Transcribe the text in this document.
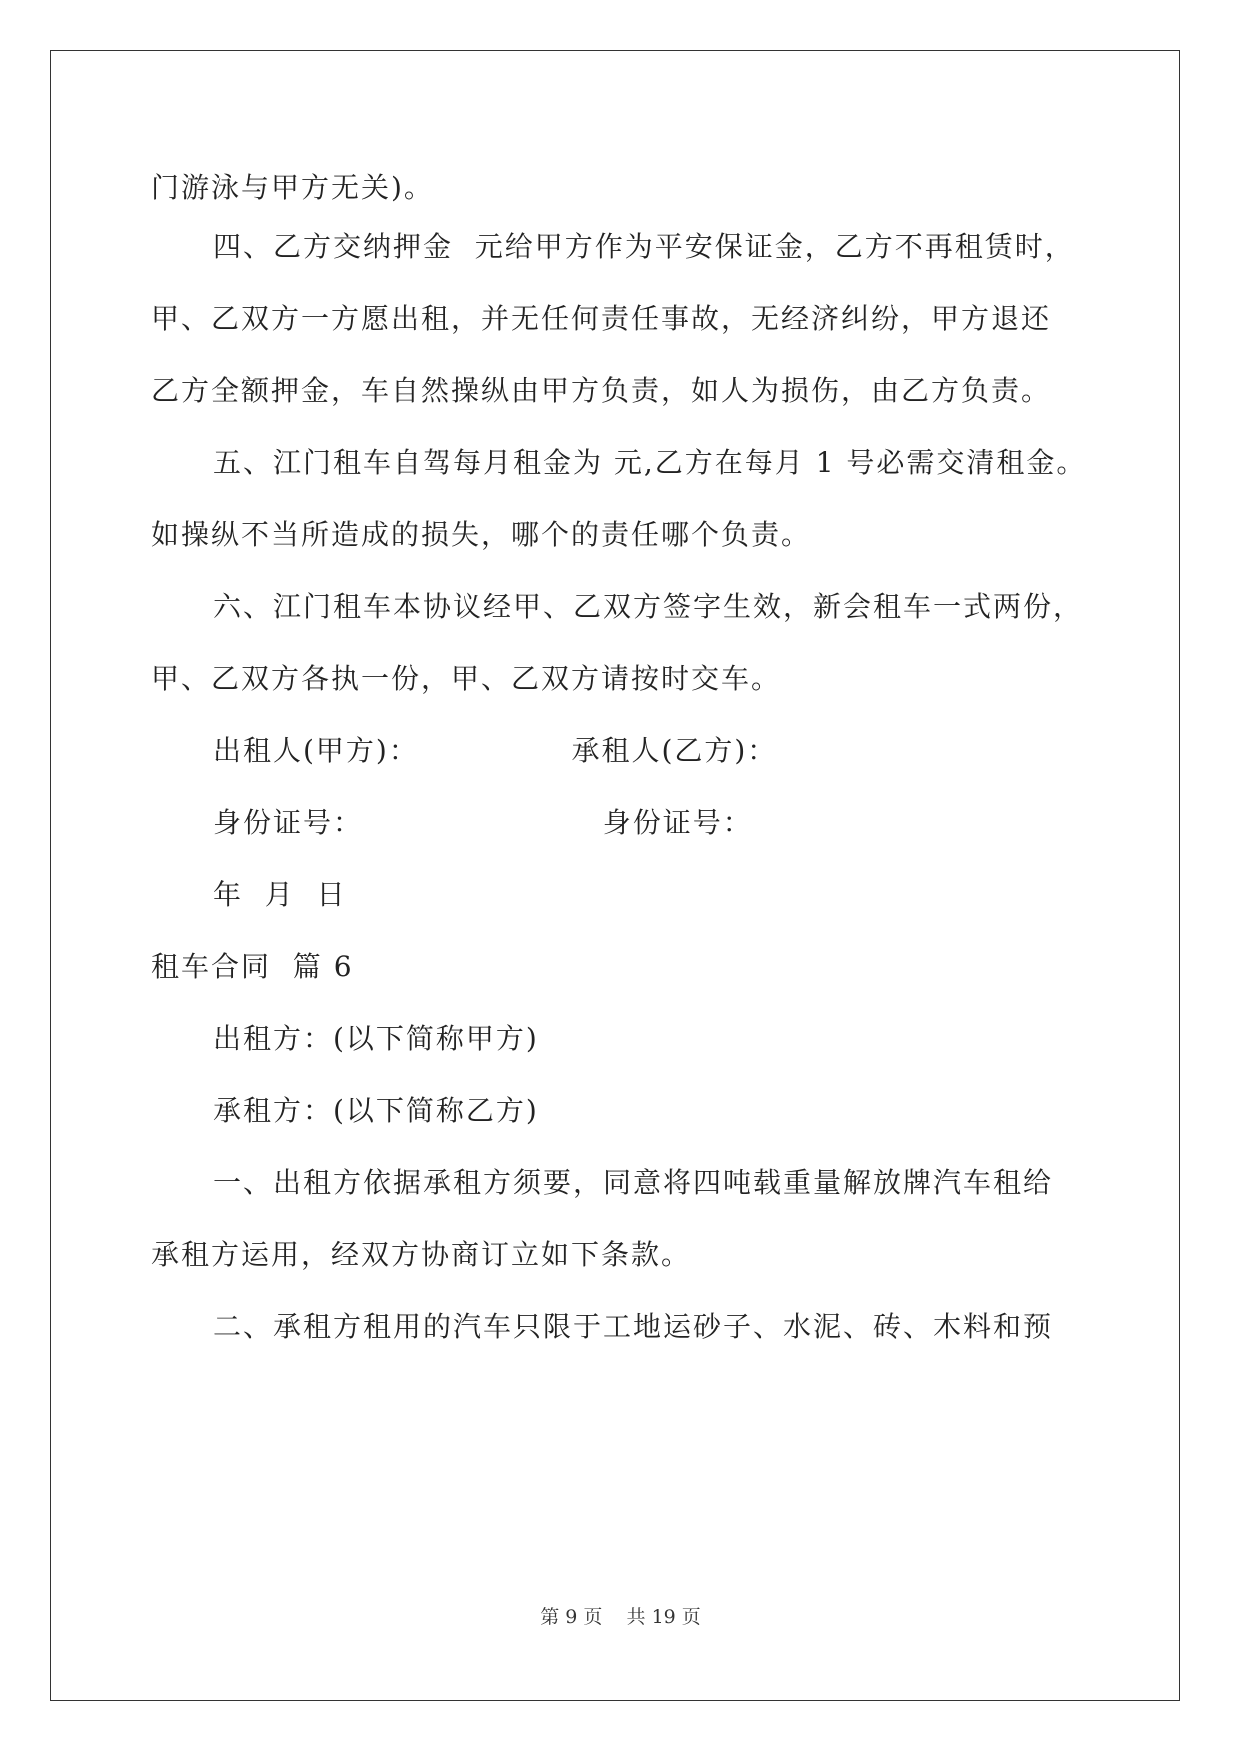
门游泳与甲方无关)。
四、乙方交纳押金  元给甲方作为平安保证金，乙方不再租赁时，
甲、乙双方一方愿出租，并无任何责任事故，无经济纠纷，甲方退还
乙方全额押金，车自然操纵由甲方负责，如人为损伤，由乙方负责。
五、江门租车自驾每月租金为 元,乙方在每月 1 号必需交清租金。
如操纵不当所造成的损失，哪个的责任哪个负责。
六、江门租车本协议经甲、乙双方签字生效，新会租车一式两份，
甲、乙双方各执一份，甲、乙双方请按时交车。
出租人(甲方)：              承租人(乙方)：
身份证号：                      身份证号：
年  月  日
租车合同  篇 6
出租方：(以下简称甲方)
承租方：(以下简称乙方)
一、出租方依据承租方须要，同意将四吨载重量解放牌汽车租给
承租方运用，经双方协商订立如下条款。
二、承租方租用的汽车只限于工地运砂子、水泥、砖、木料和预
第 9 页    共 19 页
